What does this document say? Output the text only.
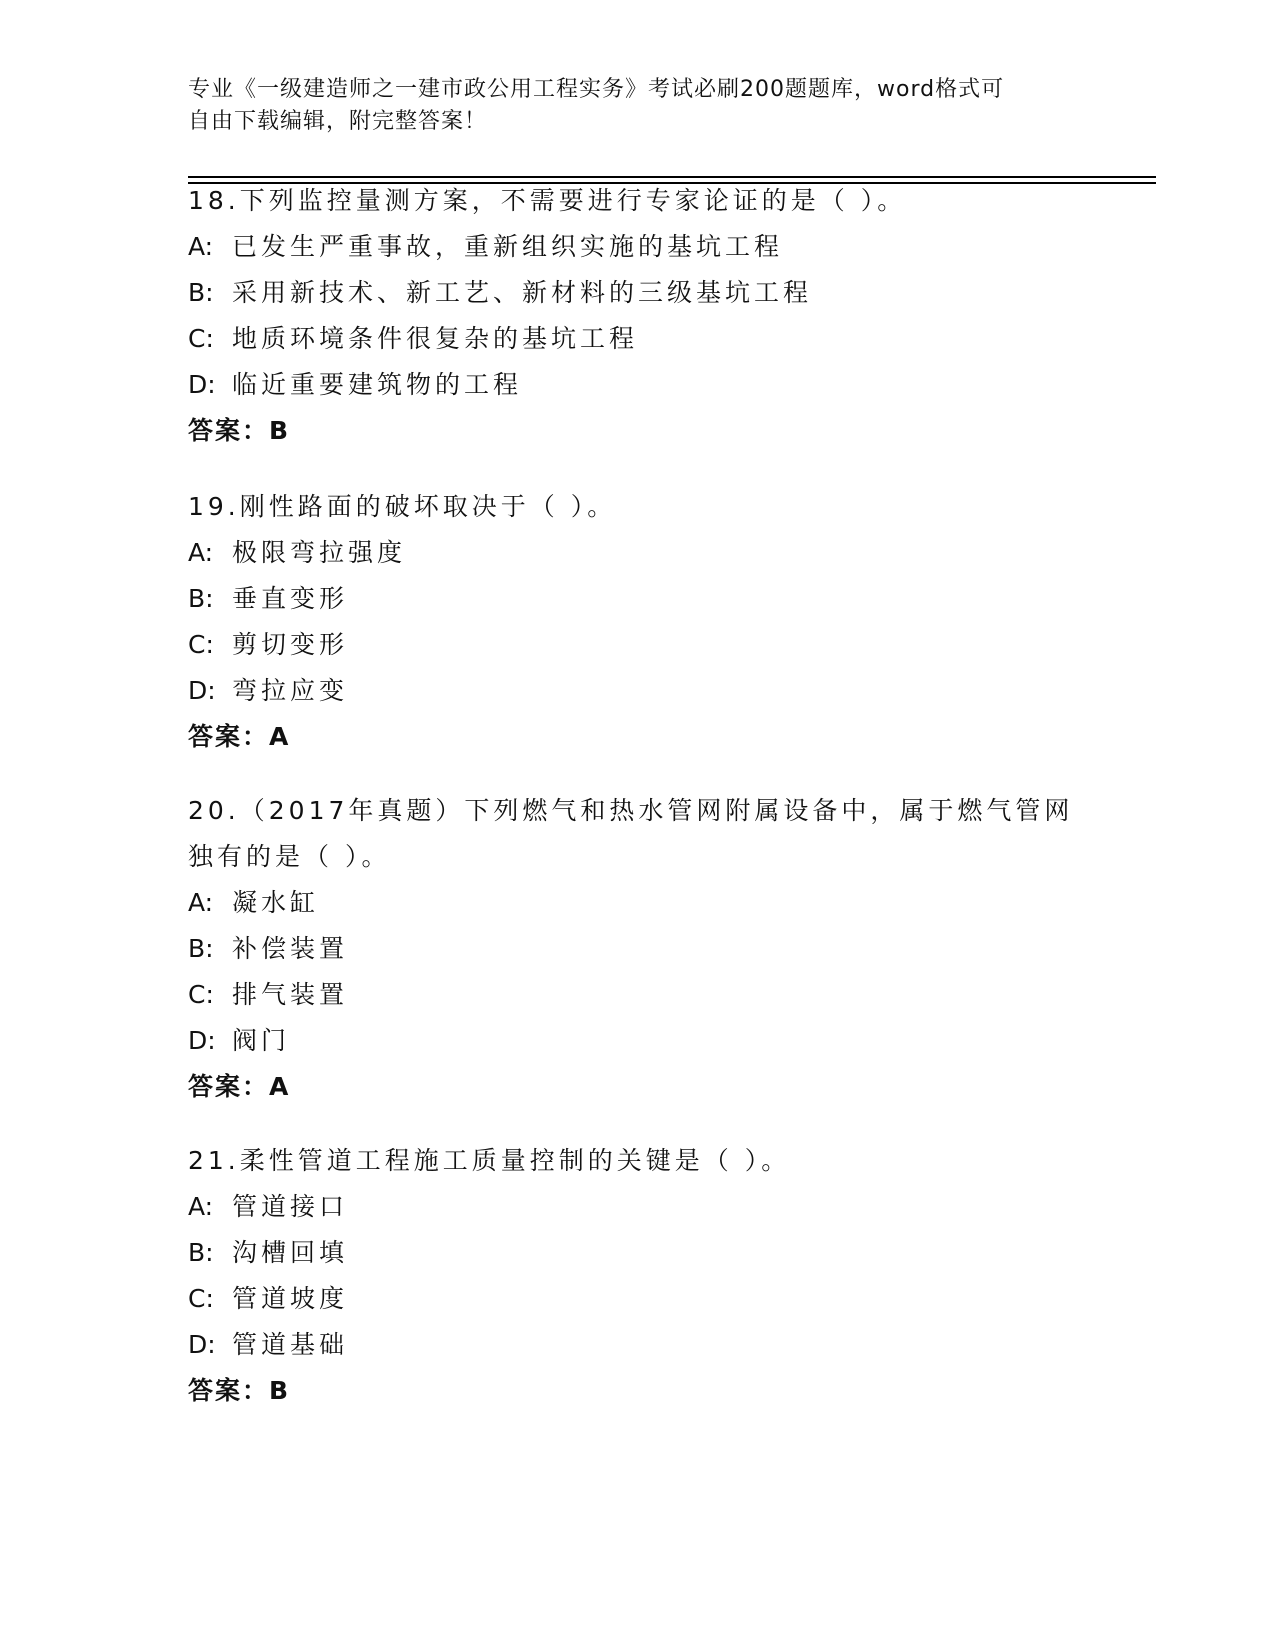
专业《一级建造师之一建市政公用工程实务》考试必刷200题题库，word格式可
自由下载编辑，附完整答案！
18.下列监控量测方案，不需要进行专家论证的是（ ）。
A: 已发生严重事故，重新组织实施的基坑工程
B: 采用新技术、新工艺、新材料的三级基坑工程
C: 地质环境条件很复杂的基坑工程
D: 临近重要建筑物的工程
答案：B
19.刚性路面的破坏取决于（ ）。
A: 极限弯拉强度
B: 垂直变形
C: 剪切变形
D: 弯拉应变
答案：A
20.（2017年真题）下列燃气和热水管网附属设备中，属于燃气管网独有的是（ ）。
A: 凝水缸
B: 补偿装置
C: 排气装置
D: 阀门
答案：A
21.柔性管道工程施工质量控制的关键是（ ）。
A: 管道接口
B: 沟槽回填
C: 管道坡度
D: 管道基础
答案：B
